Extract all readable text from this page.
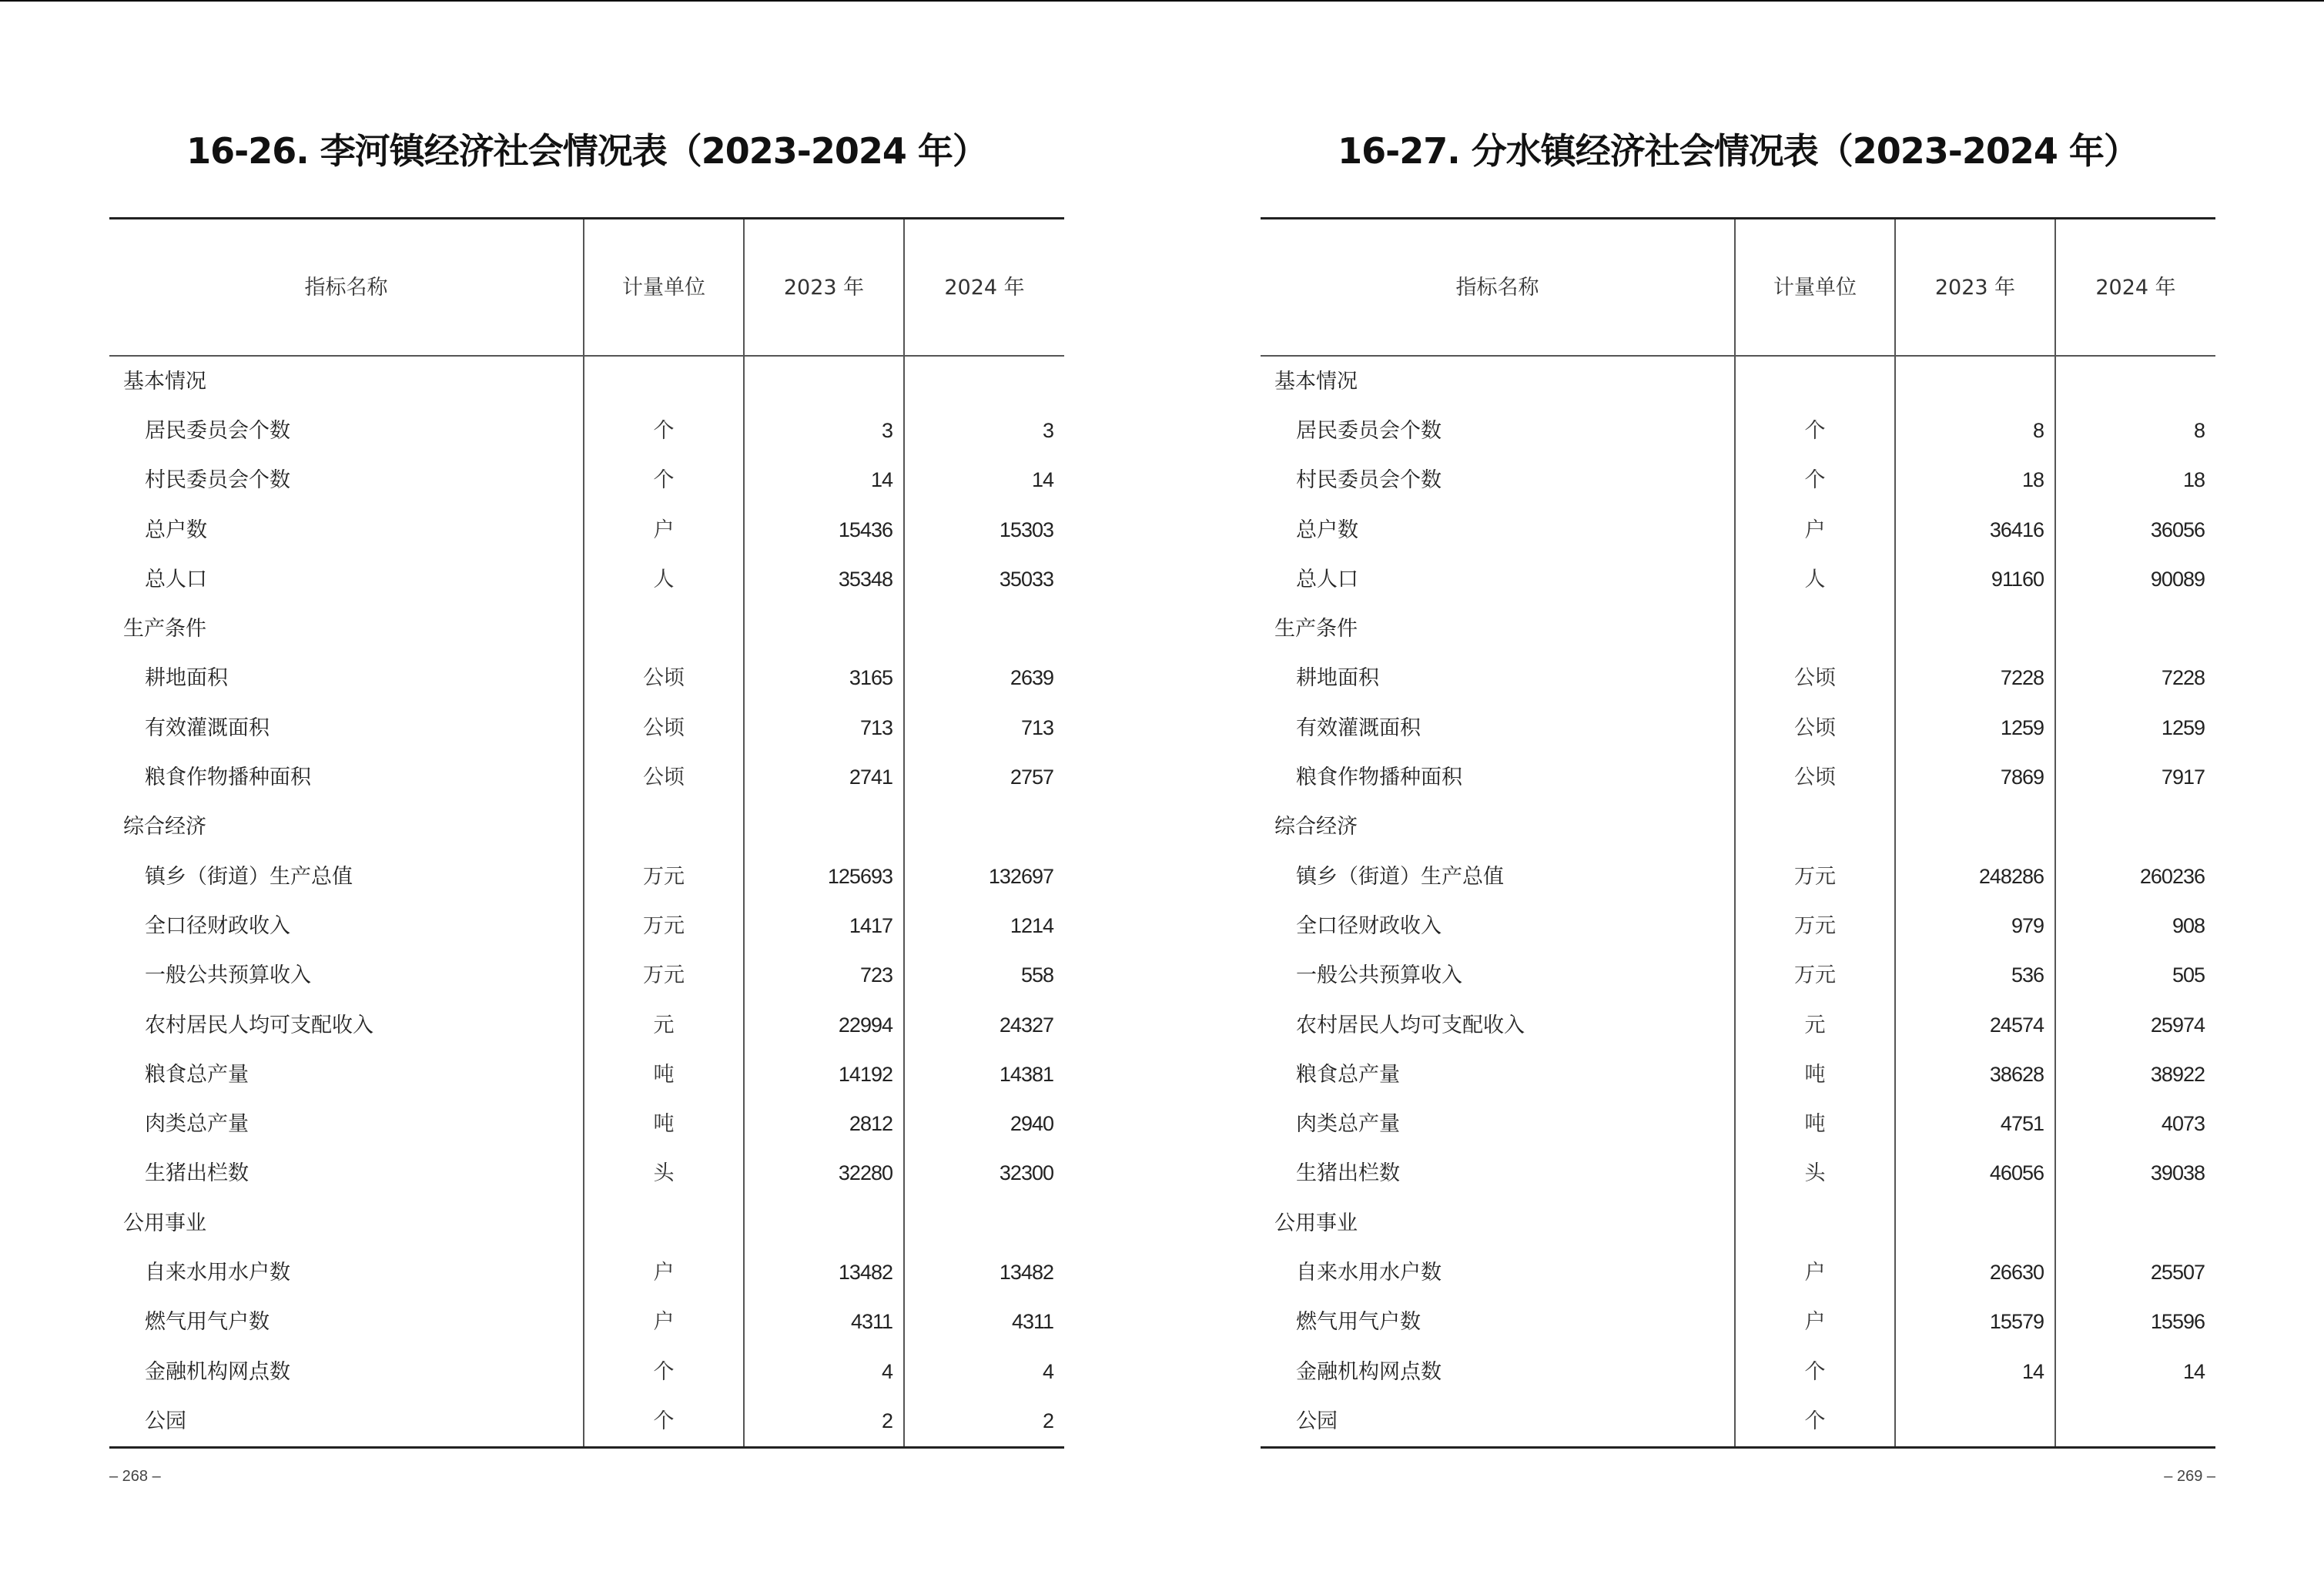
16-26. 李河镇经济社会情况表（2023-2024 年）
指标名称	计量单位	2023 年	2024 年
基本情况			
居民委员会个数	个	3	3
村民委员会个数	个	14	14
总户数	户	15436	15303
总人口	人	35348	35033
生产条件			
耕地面积	公顷	3165	2639
有效灌溉面积	公顷	713	713
粮食作物播种面积	公顷	2741	2757
综合经济			
镇乡（街道）生产总值	万元	125693	132697
全口径财政收入	万元	1417	1214
一般公共预算收入	万元	723	558
农村居民人均可支配收入	元	22994	24327
粮食总产量	吨	14192	14381
肉类总产量	吨	2812	2940
生猪出栏数	头	32280	32300
公用事业			
自来水用水户数	户	13482	13482
燃气用气户数	户	4311	4311
金融机构网点数	个	4	4
公园	个	2	2
– 268 –
16-27. 分水镇经济社会情况表（2023-2024 年）
指标名称	计量单位	2023 年	2024 年
基本情况			
居民委员会个数	个	8	8
村民委员会个数	个	18	18
总户数	户	36416	36056
总人口	人	91160	90089
生产条件			
耕地面积	公顷	7228	7228
有效灌溉面积	公顷	1259	1259
粮食作物播种面积	公顷	7869	7917
综合经济			
镇乡（街道）生产总值	万元	248286	260236
全口径财政收入	万元	979	908
一般公共预算收入	万元	536	505
农村居民人均可支配收入	元	24574	25974
粮食总产量	吨	38628	38922
肉类总产量	吨	4751	4073
生猪出栏数	头	46056	39038
公用事业			
自来水用水户数	户	26630	25507
燃气用气户数	户	15579	15596
金融机构网点数	个	14	14
公园	个		
– 269 –
